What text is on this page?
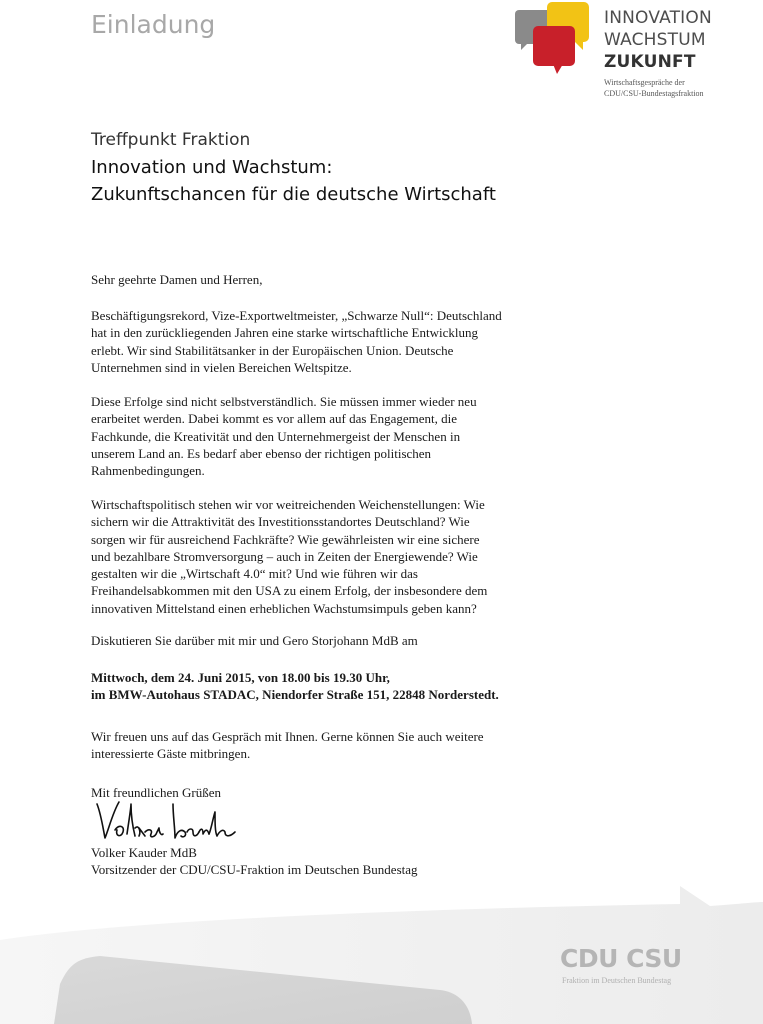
Einladung	INNOVATION
WACHSTUM
ZUKUNFT
Wirtschaftsgespräche der
CDU/CSU-Bundestagsfraktion
Treffpunkt Fraktion
Innovation und Wachstum:
Zukunftschancen für die deutsche Wirtschaft
Sehr geehrte Damen und Herren,
Beschäftigungsrekord, Vize-Exportweltmeister, „Schwarze Null“: Deutschland
hat in den zurückliegenden Jahren eine starke wirtschaftliche Entwicklung
erlebt. Wir sind Stabilitätsanker in der Europäischen Union. Deutsche
Unternehmen sind in vielen Bereichen Weltspitze.
Diese Erfolge sind nicht selbstverständlich. Sie müssen immer wieder neu
erarbeitet werden. Dabei kommt es vor allem auf das Engagement, die
Fachkunde, die Kreativität und den Unternehmergeist der Menschen in
unserem Land an. Es bedarf aber ebenso der richtigen politischen
Rahmenbedingungen.
Wirtschaftspolitisch stehen wir vor weitreichenden Weichenstellungen: Wie
sichern wir die Attraktivität des Investitionsstandortes Deutschland? Wie
sorgen wir für ausreichend Fachkräfte? Wie gewährleisten wir eine sichere
und bezahlbare Stromversorgung – auch in Zeiten der Energiewende? Wie
gestalten wir die „Wirtschaft 4.0“ mit? Und wie führen wir das
Freihandelsabkommen mit den USA zu einem Erfolg, der insbesondere dem
innovativen Mittelstand einen erheblichen Wachstumsimpuls geben kann?
Diskutieren Sie darüber mit mir und Gero Storjohann MdB am
Mittwoch, dem 24. Juni 2015, von 18.00 bis 19.30 Uhr,
im BMW-Autohaus STADAC, Niendorfer Straße 151, 22848 Norderstedt.
Wir freuen uns auf das Gespräch mit Ihnen. Gerne können Sie auch weitere
interessierte Gäste mitbringen.
Mit freundlichen Grüßen
Volker Kauder MdB
Vorsitzender der CDU/CSU-Fraktion im Deutschen Bundestag
CDU CSU
Fraktion im Deutschen Bundestag
